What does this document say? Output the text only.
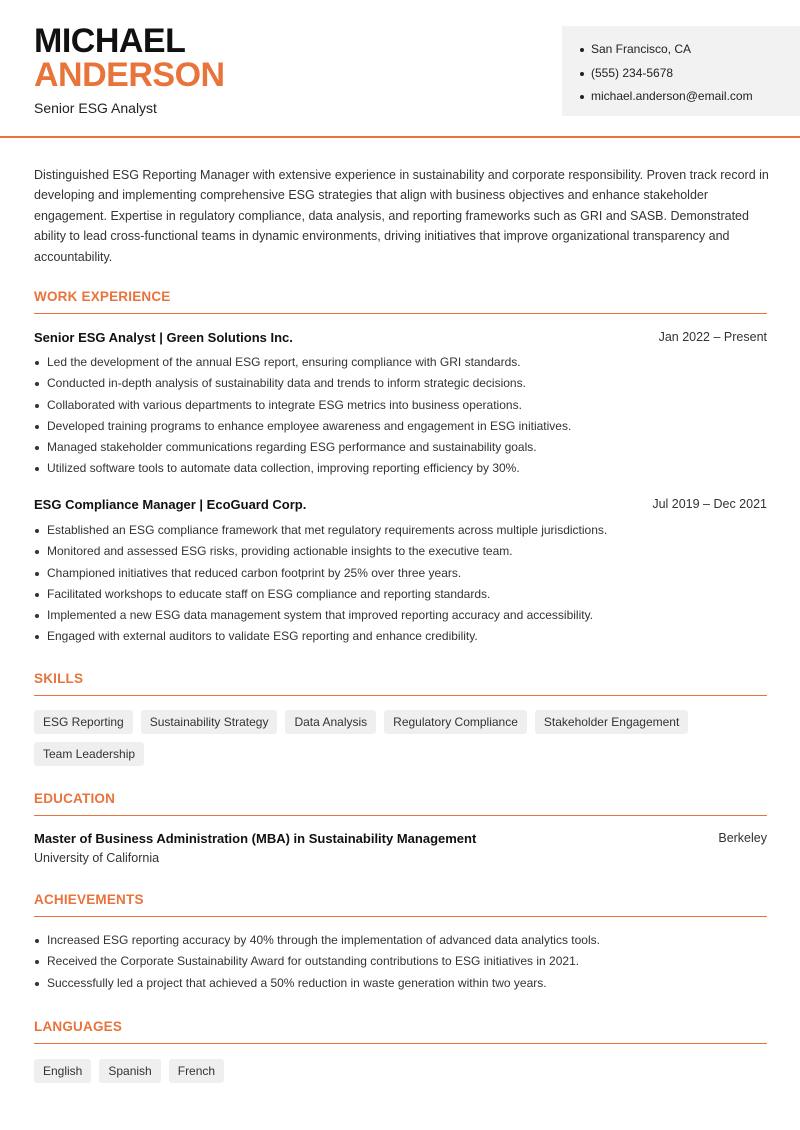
MICHAEL
ANDERSON
Senior ESG Analyst
San Francisco, CA
(555) 234-5678
michael.anderson@email.com

Distinguished ESG Reporting Manager with extensive experience in sustainability and corporate responsibility. Proven track record in developing and implementing comprehensive ESG strategies that align with business objectives and enhance stakeholder engagement. Expertise in regulatory compliance, data analysis, and reporting frameworks such as GRI and SASB. Demonstrated ability to lead cross-functional teams in dynamic environments, driving initiatives that improve organizational transparency and accountability.

WORK EXPERIENCE
Senior ESG Analyst | Green Solutions Inc.	Jan 2022 – Present
Led the development of the annual ESG report, ensuring compliance with GRI standards.
Conducted in-depth analysis of sustainability data and trends to inform strategic decisions.
Collaborated with various departments to integrate ESG metrics into business operations.
Developed training programs to enhance employee awareness and engagement in ESG initiatives.
Managed stakeholder communications regarding ESG performance and sustainability goals.
Utilized software tools to automate data collection, improving reporting efficiency by 30%.
ESG Compliance Manager | EcoGuard Corp.	Jul 2019 – Dec 2021
Established an ESG compliance framework that met regulatory requirements across multiple jurisdictions.
Monitored and assessed ESG risks, providing actionable insights to the executive team.
Championed initiatives that reduced carbon footprint by 25% over three years.
Facilitated workshops to educate staff on ESG compliance and reporting standards.
Implemented a new ESG data management system that improved reporting accuracy and accessibility.
Engaged with external auditors to validate ESG reporting and enhance credibility.
SKILLS
ESG Reporting	Sustainability Strategy	Data Analysis	Regulatory Compliance	Stakeholder Engagement
Team Leadership
EDUCATION
Master of Business Administration (MBA) in Sustainability Management	Berkeley
University of California
ACHIEVEMENTS
Increased ESG reporting accuracy by 40% through the implementation of advanced data analytics tools.
Received the Corporate Sustainability Award for outstanding contributions to ESG initiatives in 2021.
Successfully led a project that achieved a 50% reduction in waste generation within two years.
LANGUAGES
English	Spanish	French
